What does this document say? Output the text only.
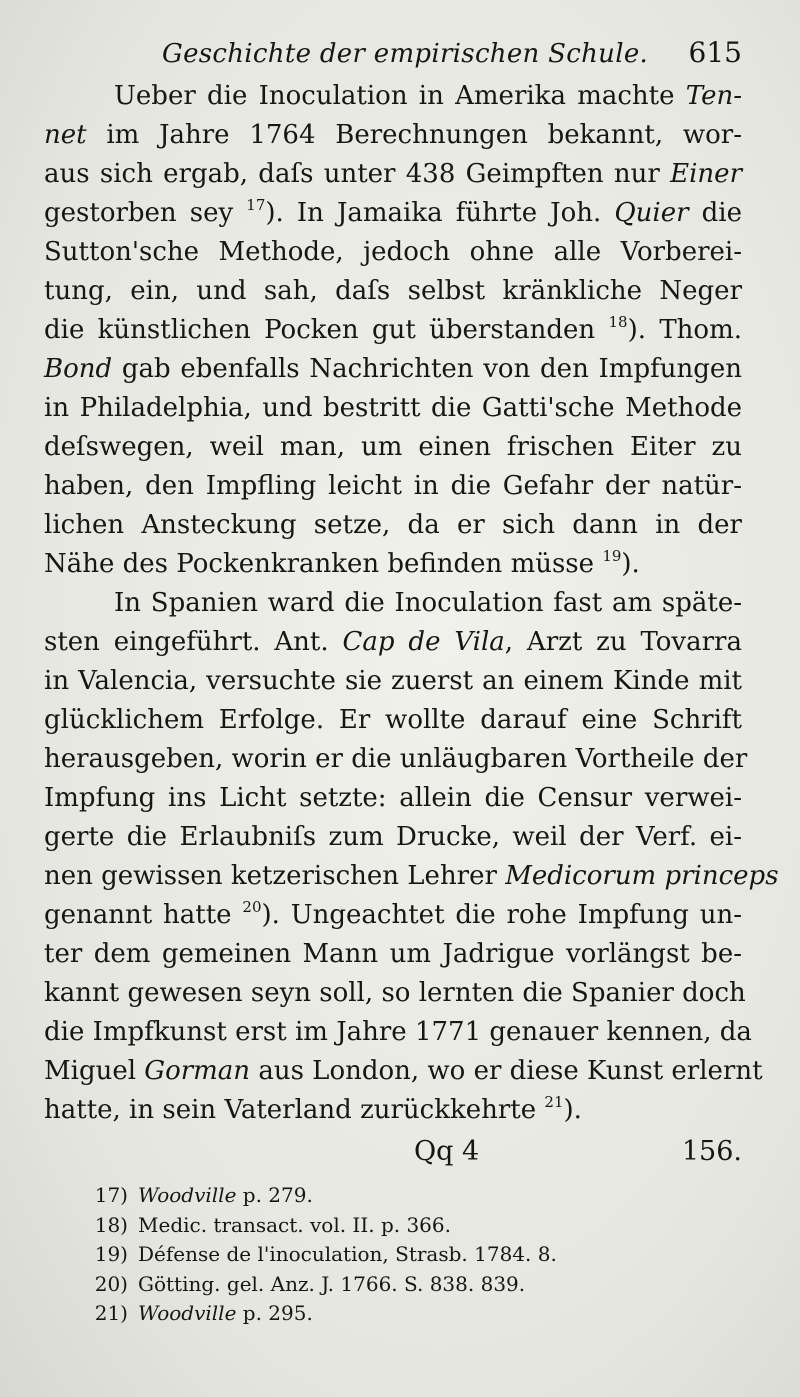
Geschichte der empirischen Schule. 615
Ueber die Inoculation in Amerika machte Ten-
net im Jahre 1764 Berechnungen bekannt, wor-
aus sich ergab, daſs unter 438 Geimpften nur Einer
gestorben sey $^{17}$). In Jamaika führte Joh. Quier die
Sutton'sche Methode, jedoch ohne alle Vorberei-
tung, ein, und sah, daſs selbst kränkliche Neger
die künstlichen Pocken gut überstanden $^{18}$). Thom.
Bond gab ebenfalls Nachrichten von den Impfungen
in Philadelphia, und bestritt die Gatti'sche Methode
deſswegen, weil man, um einen frischen Eiter zu
haben, den Impfling leicht in die Gefahr der natür-
lichen Ansteckung setze, da er sich dann in der
Nähe des Pockenkranken befinden müsse $^{19}$).
In Spanien ward die Inoculation fast am späte-
sten eingeführt. Ant. Cap de Vila, Arzt zu Tovarra
in Valencia, versuchte sie zuerst an einem Kinde mit
glücklichem Erfolge. Er wollte darauf eine Schrift
herausgeben, worin er die unläugbaren Vortheile der
Impfung ins Licht setzte: allein die Censur verwei-
gerte die Erlaubniſs zum Drucke, weil der Verf. ei-
nen gewissen ketzerischen Lehrer Medicorum princeps
genannt hatte $^{20}$). Ungeachtet die rohe Impfung un-
ter dem gemeinen Mann um Jadrigue vorlängst be-
kannt gewesen seyn soll, so lernten die Spanier doch
die Impfkunst erst im Jahre 1771 genauer kennen, da
Miguel Gorman aus London, wo er diese Kunst erlernt
hatte, in sein Vaterland zurückkehrte $^{21}$).
Qq 4	156.
17) Woodville p. 279.
18) Medic. transact. vol. II. p. 366.
19) Défense de l'inoculation, Strasb. 1784. 8.
20) Götting. gel. Anz. J. 1766. S. 838. 839.
21) Woodville p. 295.
